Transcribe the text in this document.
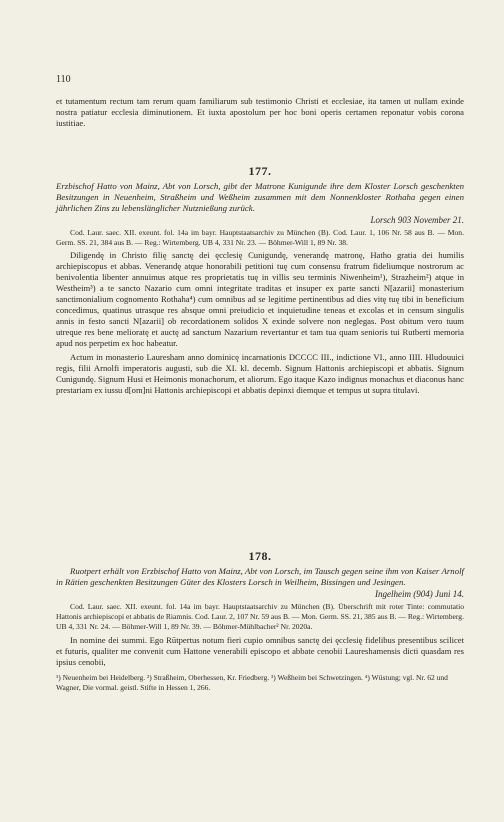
110

et tutamentum rectum tam rerum quam familiarum sub testimonio Christi et ecclesiae, ita tamen ut nullam exinde nostra patiatur ecclesia diminutionem. Et iuxta apostolum per hoc boni operis certamen reponatur vobis corona iustitiae.

177.

Erzbischof Hatto von Mainz, Abt von Lorsch, gibt der Matrone Kunigunde ihre dem Kloster Lorsch geschenkten Besitzungen in Neuenheim, Straßheim und Weßheim zusammen mit dem Nonnenkloster Rothaha gegen einen jährlichen Zins zu lebenslänglicher Nutznießung zurück.

Lorsch 903 November 21.

Cod. Laur. saec. XII. exeunt. fol. 14a im bayr. Hauptstaatsarchiv zu München (B). Cod. Laur. 1, 106 Nr. 58 aus B. — Mon. Germ. SS. 21, 384 aus B. — Reg.: Wirtemberg. UB 4, 331 Nr. 23. — Böhmer-Will 1, 89 Nr. 38.

Diligendę in Christo filię sanctę dei ęcclesię Cunigundę, venerandę matronę, Hatho gratia dei humilis archiepiscopus et abbas. Venerandę atque honorabili petitioni tuę cum consensu fratrum fideliumque nostrorum ac benivolentia libenter annuimus atque res proprietatis tuę in villis seu terminis Niwenheim¹), Strazheim²) atque in Westheim³) a te sancto Nazario cum omni integritate traditas et insuper ex parte sancti N[azarii] monasterium sanctimonialium cognomento Rothaha⁴) cum omnibus ad se legitime pertinentibus ad dies vitę tuę tibi in beneficium concedimus, quatinus utrasque res absque omni preiudicio et inquietudine teneas et excolas et in censum singulis annis in festo sancti N[azarii] ob recordationem solidos X exinde solvere non neglegas. Post obitum vero tuum utreque res bene melioratę et auctę ad sanctum Nazarium revertantur et tam tua quam senioris tui Rutberti memoria apud nos perpetim ex hoc habeatur.

Actum in monasterio Lauresham anno dominicę incarnationis DCCCC III., indictione VI., anno IIII. Hludouuici regis, filii Arnolfi imperatoris augusti, sub die XI. kl. decemb. Signum Hattonis archiepiscopi et abbatis. Signum Cunigundę. Signum Husi et Heimonis monachorum, et aliorum. Ego itaque Kazo indignus monachus et diaconus hanc prestariam ex iussu d[om]ni Hattonis archiepiscopi et abbatis depinxi diemque et tempus ut supra titulavi.

178.

Ruotpert erhält von Erzbischof Hatto von Mainz, Abt von Lorsch, im Tausch gegen seine ihm von Kaiser Arnolf in Rätien geschenkten Besitzungen Güter des Klosters Lorsch in Weilheim, Bissingen und Jesingen.

Ingelheim (904) Juni 14.

Cod. Laur. saec. XII. exeunt. fol. 14a im bayr. Hauptstaatsarchiv zu München (B). Überschrift mit roter Tinte: commutatio Hattonis archiepiscopi et abbatis de Riamnis. Cod. Laur. 2, 107 Nr. 59 aus B. — Mon. Germ. SS. 21, 385 aus B. — Reg.: Wirtemberg. UB 4, 331 Nr. 24. — Böhmer-Will 1, 89 Nr. 39. — Böhmer-Mühlbacher² Nr. 2020a.

In nomine dei summi. Ego Rūtpertus notum fieri cupio omnibus sanctę dei ęcclesię fidelibus presentibus scilicet et futuris, qualiter me convenit cum Hattone venerabili episcopo et abbate cenobii Laureshamensis dicti quasdam res ipsius cenobii,

¹) Neuenheim bei Heidelberg. ²) Straßheim, Oberhessen, Kr. Friedberg. ³) Weßheim bei Schwetzingen. ⁴) Wüstung; vgl. Nr. 62 und Wagner, Die vormal. geistl. Stifte in Hessen 1, 266.
